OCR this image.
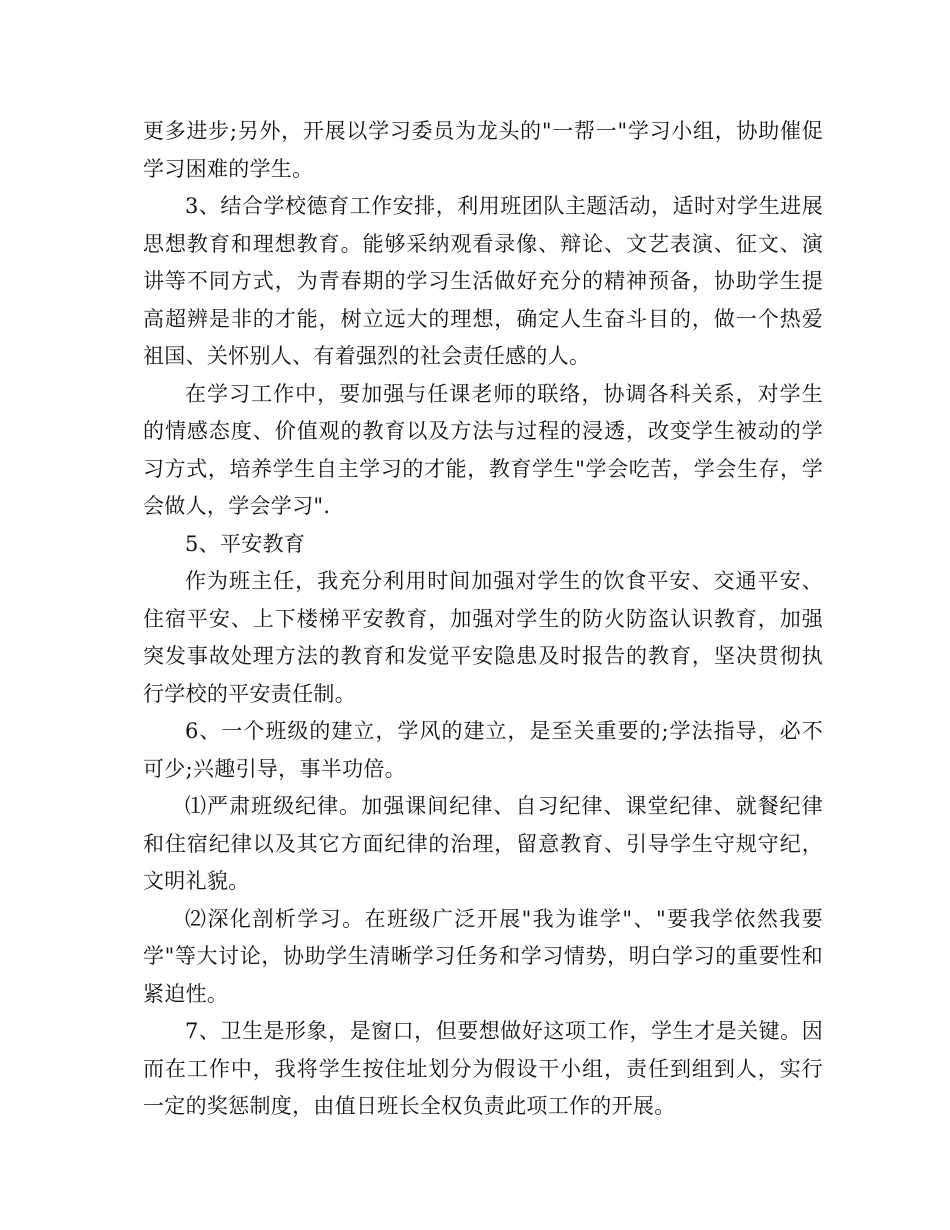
更多进步;另外，开展以学习委员为龙头的"一帮一"学习小组，协助催促学习困难的学生。

3、结合学校德育工作安排，利用班团队主题活动，适时对学生进展思想教育和理想教育。能够采纳观看录像、辩论、文艺表演、征文、演讲等不同方式，为青春期的学习生活做好充分的精神预备，协助学生提高超辨是非的才能，树立远大的理想，确定人生奋斗目的，做一个热爱祖国、关怀别人、有着强烈的社会责任感的人。

在学习工作中，要加强与任课老师的联络，协调各科关系，对学生的情感态度、价值观的教育以及方法与过程的浸透，改变学生被动的学习方式，培养学生自主学习的才能，教育学生"学会吃苦，学会生存，学会做人，学会学习".

5、平安教育

作为班主任，我充分利用时间加强对学生的饮食平安、交通平安、住宿平安、上下楼梯平安教育，加强对学生的防火防盗认识教育，加强突发事故处理方法的教育和发觉平安隐患及时报告的教育，坚决贯彻执行学校的平安责任制。

6、一个班级的建立，学风的建立，是至关重要的;学法指导，必不可少;兴趣引导，事半功倍。

⑴严肃班级纪律。加强课间纪律、自习纪律、课堂纪律、就餐纪律和住宿纪律以及其它方面纪律的治理，留意教育、引导学生守规守纪，文明礼貌。

⑵深化剖析学习。在班级广泛开展"我为谁学"、"要我学依然我要学"等大讨论，协助学生清晰学习任务和学习情势，明白学习的重要性和紧迫性。

7、卫生是形象，是窗口，但要想做好这项工作，学生才是关键。因而在工作中，我将学生按住址划分为假设干小组，责任到组到人，实行一定的奖惩制度，由值日班长全权负责此项工作的开展。
